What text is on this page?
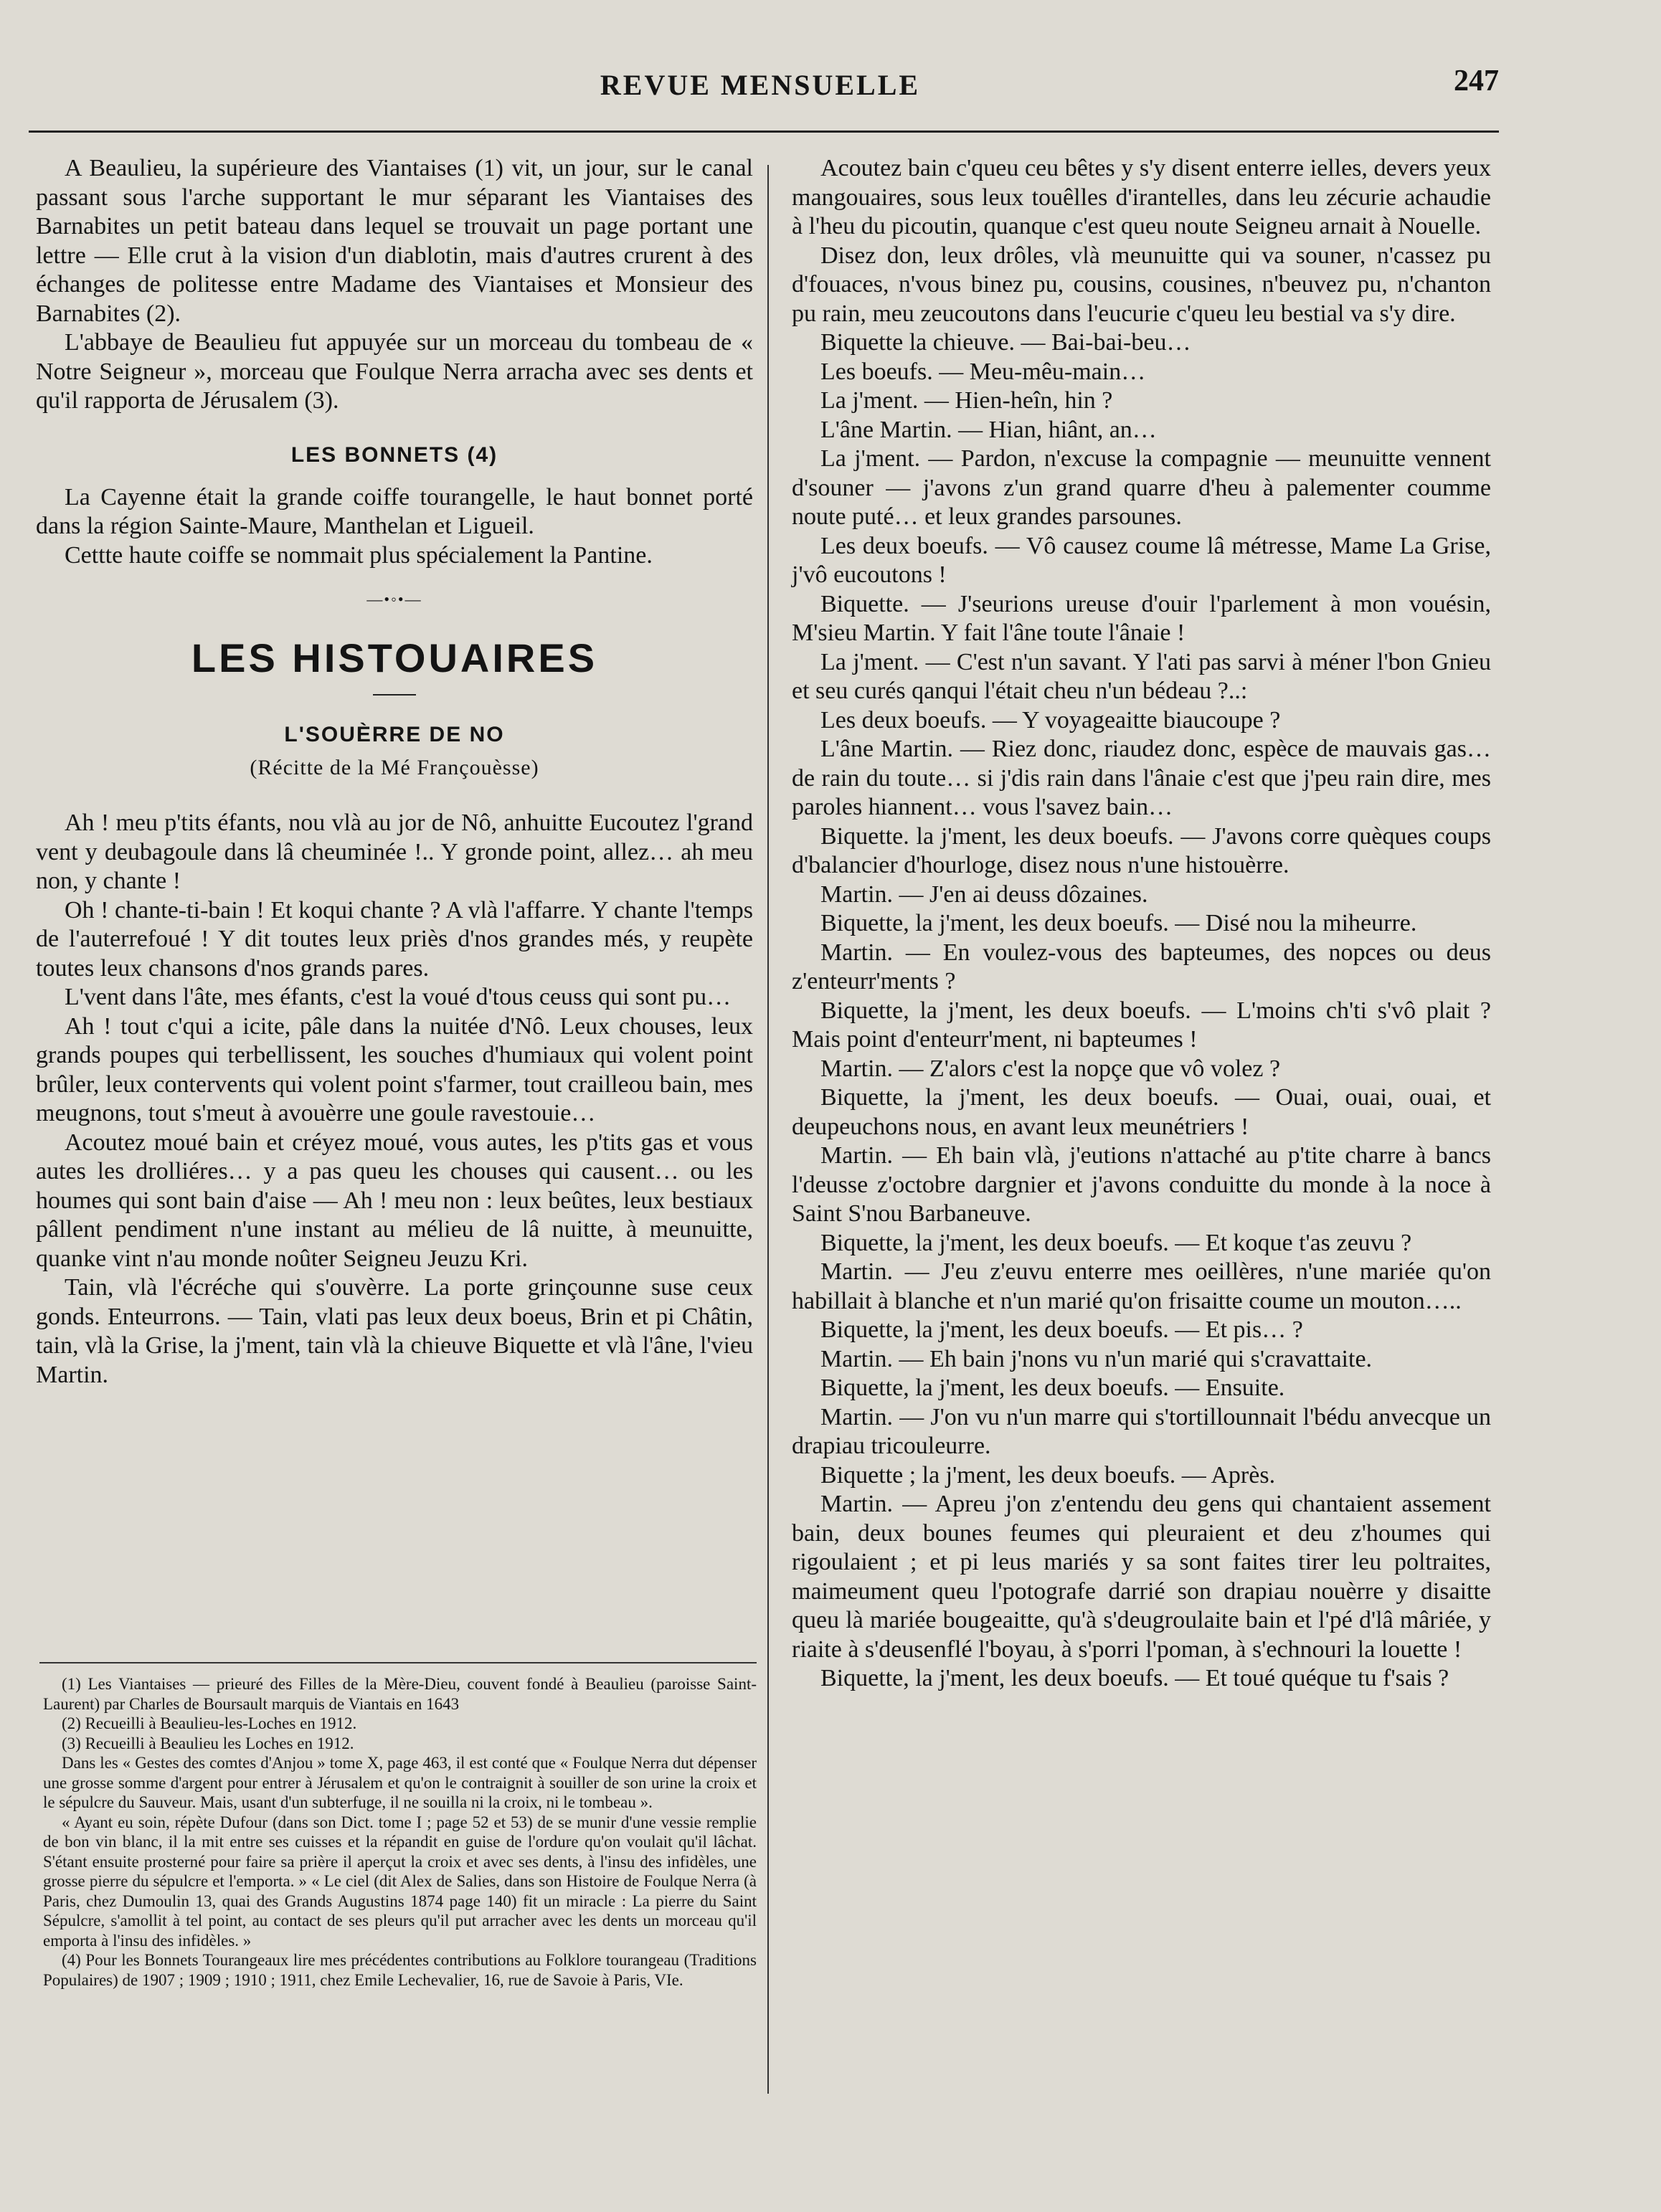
REVUE MENSUELLE	247

A Beaulieu, la supérieure des Viantaises (1) vit, un jour, sur le canal passant sous l'arche supportant le mur séparant les Viantaises des Barnabites un petit bateau dans lequel se trouvait un page portant une lettre — Elle crut à la vision d'un diablotin, mais d'autres crurent à des échanges de politesse entre Madame des Viantaises et Monsieur des Barnabites (2).

L'abbaye de Beaulieu fut appuyée sur un morceau du tombeau de « Notre Seigneur », morceau que Foulque Nerra arracha avec ses dents et qu'il rapporta de Jérusalem (3).

LES BONNETS (4)

La Cayenne était la grande coiffe tourangelle, le haut bonnet porté dans la région Sainte-Maure, Manthelan et Ligueil.

Cettte haute coiffe se nommait plus spécialement la Pantine.

—•◦•—
LES HISTOUAIRES
L'SOUÈRRE DE NO
(Récitte de la Mé Françouèsse)

Ah ! meu p'tits éfants, nou vlà au jor de Nô, anhuitte Eucoutez l'grand vent y deubagoule dans lâ cheuminée !.. Y gronde point, allez… ah meu non, y chante !

Oh ! chante-ti-bain ! Et koqui chante ? A vlà l'affarre. Y chante l'temps de l'auterrefoué ! Y dit toutes leux priès d'nos grandes més, y reupète toutes leux chansons d'nos grands pares.

L'vent dans l'âte, mes éfants, c'est la voué d'tous ceuss qui sont pu…

Ah ! tout c'qui a icite, pâle dans la nuitée d'Nô. Leux chouses, leux grands poupes qui terbellissent, les souches d'humiaux qui volent point brûler, leux contervents qui volent point s'farmer, tout crailleou bain, mes meugnons, tout s'meut à avouèrre une goule ravestouie…

Acoutez moué bain et créyez moué, vous autes, les p'tits gas et vous autes les drolliéres… y a pas queu les chouses qui causent… ou les houmes qui sont bain d'aise — Ah ! meu non : leux beûtes, leux bestiaux pâllent pendiment n'une instant au mélieu de lâ nuitte, à meunuitte, quanke vint n'au monde noûter Seigneu Jeuzu Kri.

Tain, vlà l'écréche qui s'ouvèrre. La porte grinçounne suse ceux gonds. Enteurrons. — Tain, vlati pas leux deux boeus, Brin et pi Châtin, tain, vlà la Grise, la j'ment, tain vlà la chieuve Biquette et vlà l'âne, l'vieu Martin.

(1) Les Viantaises — prieuré des Filles de la Mère-Dieu, couvent fondé à Beaulieu (paroisse Saint-Laurent) par Charles de Boursault marquis de Viantais en 1643

(2) Recueilli à Beaulieu-les-Loches en 1912.

(3) Recueilli à Beaulieu les Loches en 1912.

Dans les « Gestes des comtes d'Anjou » tome X, page 463, il est conté que « Foulque Nerra dut dépenser une grosse somme d'argent pour entrer à Jérusalem et qu'on le contraignit à souiller de son urine la croix et le sépulcre du Sauveur. Mais, usant d'un subterfuge, il ne souilla ni la croix, ni le tombeau ».

« Ayant eu soin, répète Dufour (dans son Dict. tome I ; page 52 et 53) de se munir d'une vessie remplie de bon vin blanc, il la mit entre ses cuisses et la répandit en guise de l'ordure qu'on voulait qu'il lâchat. S'étant ensuite prosterné pour faire sa prière il aperçut la croix et avec ses dents, à l'insu des infidèles, une grosse pierre du sépulcre et l'emporta. » « Le ciel (dit Alex de Salies, dans son Histoire de Foulque Nerra (à Paris, chez Dumoulin 13, quai des Grands Augustins 1874 page 140) fit un miracle : La pierre du Saint Sépulcre, s'amollit à tel point, au contact de ses pleurs qu'il put arracher avec les dents un morceau qu'il emporta à l'insu des infidèles. »

(4) Pour les Bonnets Tourangeaux lire mes précédentes contributions au Folklore tourangeau (Traditions Populaires) de 1907 ; 1909 ; 1910 ; 1911, chez Emile Lechevalier, 16, rue de Savoie à Paris, VIe.

Acoutez bain c'queu ceu bêtes y s'y disent enterre ielles, devers yeux mangouaires, sous leux touêlles d'irantelles, dans leu zécurie achaudie à l'heu du picoutin, quanque c'est queu noute Seigneu arnait à Nouelle.

Disez don, leux drôles, vlà meunuitte qui va souner, n'cassez pu d'fouaces, n'vous binez pu, cousins, cousines, n'beuvez pu, n'chanton pu rain, meu zeucoutons dans l'eucurie c'queu leu bestial va s'y dire.

Biquette la chieuve. — Bai-bai-beu…

Les boeufs. — Meu-mêu-main…

La j'ment. — Hien-heîn, hin ?

L'âne Martin. — Hian, hiânt, an…

La j'ment. — Pardon, n'excuse la compagnie — meunuitte vennent d'souner — j'avons z'un grand quarre d'heu à palementer coumme noute puté… et leux grandes parsounes.

Les deux boeufs. — Vô causez coume lâ métresse, Mame La Grise, j'vô eucoutons !

Biquette. — J'seurions ureuse d'ouir l'parlement à mon vouésin, M'sieu Martin. Y fait l'âne toute l'ânaie !

La j'ment. — C'est n'un savant. Y l'ati pas sarvi à méner l'bon Gnieu et seu curés qanqui l'était cheu n'un bédeau ?..:

Les deux boeufs. — Y voyageaitte biaucoupe ?

L'âne Martin. — Riez donc, riaudez donc, espèce de mauvais gas… de rain du toute… si j'dis rain dans l'ânaie c'est que j'peu rain dire, mes paroles hiannent… vous l'savez bain…

Biquette. la j'ment, les deux boeufs. — J'avons corre quèques coups d'balancier d'hourloge, disez nous n'une histouèrre.

Martin. — J'en ai deuss dôzaines.

Biquette, la j'ment, les deux boeufs. — Disé nou la miheurre.

Martin. — En voulez-vous des bapteumes, des nopces ou deus z'enteurr'ments ?

Biquette, la j'ment, les deux boeufs. — L'moins ch'ti s'vô plait ? Mais point d'enteurr'ment, ni bapteumes !

Martin. — Z'alors c'est la nopçe que vô volez ?

Biquette, la j'ment, les deux boeufs. — Ouai, ouai, ouai, et deupeuchons nous, en avant leux meunétriers !

Martin. — Eh bain vlà, j'eutions n'attaché au p'tite charre à bancs l'deusse z'octobre dargnier et j'avons conduitte du monde à la noce à Saint S'nou Barbaneuve.

Biquette, la j'ment, les deux boeufs. — Et koque t'as zeuvu ?

Martin. — J'eu z'euvu enterre mes oeillères, n'une mariée qu'on habillait à blanche et n'un marié qu'on frisaitte coume un mouton…..

Biquette, la j'ment, les deux boeufs. — Et pis… ?

Martin. — Eh bain j'nons vu n'un marié qui s'cravattaite.

Biquette, la j'ment, les deux boeufs. — Ensuite.

Martin. — J'on vu n'un marre qui s'tortillounnait l'bédu anvecque un drapiau tricouleurre.

Biquette ; la j'ment, les deux boeufs. — Après.

Martin. — Apreu j'on z'entendu deu gens qui chantaient assement bain, deux bounes feumes qui pleuraient et deu z'houmes qui rigoulaient ; et pi leus mariés y sa sont faites tirer leu poltraites, maimeument queu l'potografe darrié son drapiau nouèrre y disaitte queu là mariée bougeaitte, qu'à s'deugroulaite bain et l'pé d'lâ mâriée, y riaite à s'deusenflé l'boyau, à s'porri l'poman, à s'echnouri la louette !

Biquette, la j'ment, les deux boeufs. — Et toué quéque tu f'sais ?
